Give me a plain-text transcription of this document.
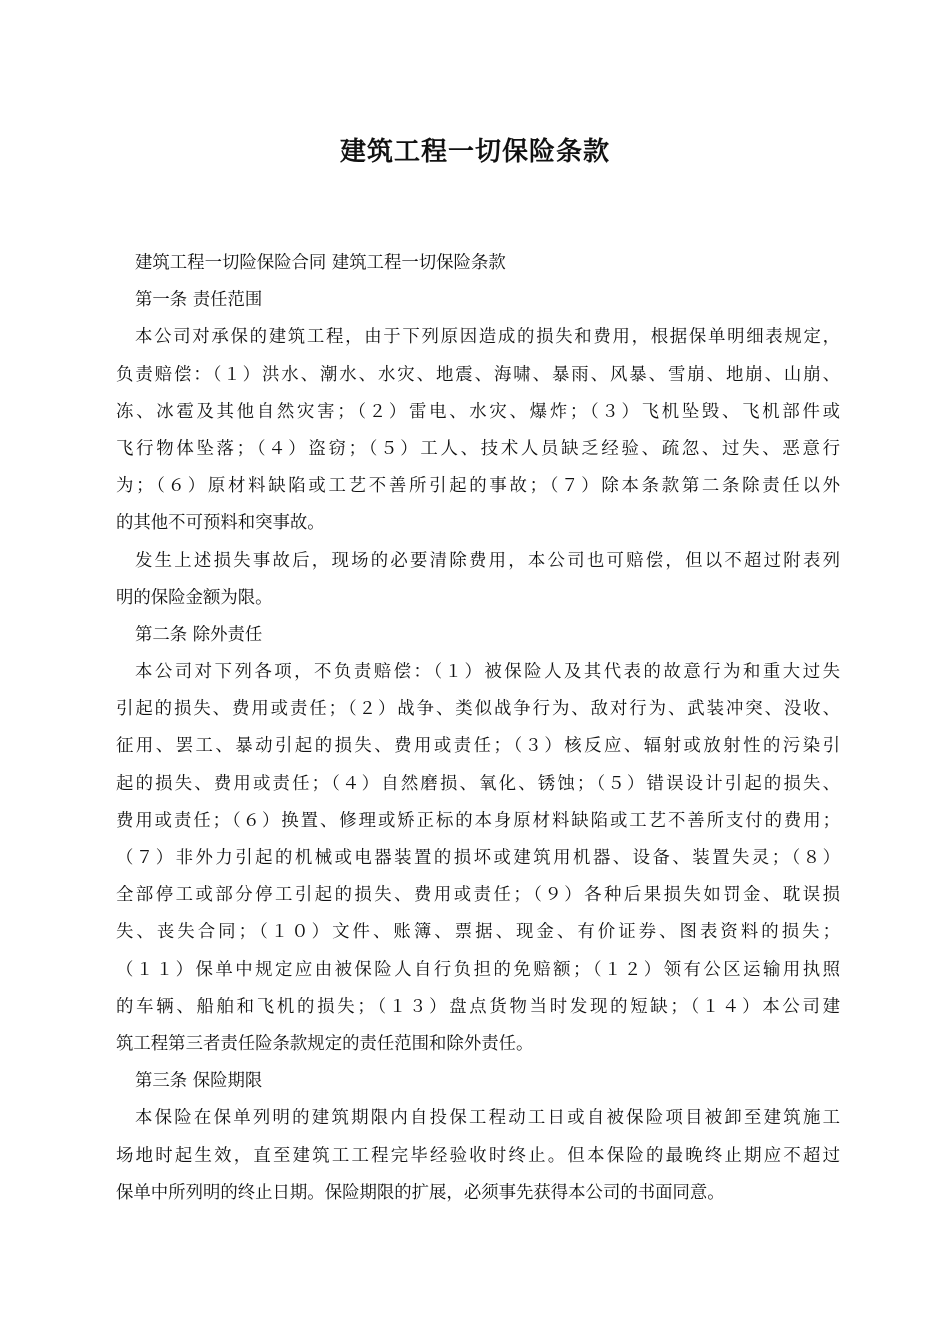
建筑工程一切保险条款
建筑工程一切险保险合同 建筑工程一切保险条款
第一条 责任范围
本公司对承保的建筑工程，由于下列原因造成的损失和费用，根据保单明细表规定，
负责赔偿：（１）洪水、潮水、水灾、地震、海啸、暴雨、风暴、雪崩、地崩、山崩、
冻、冰雹及其他自然灾害；（２）雷电、水灾、爆炸；（３）飞机坠毁、飞机部件或
飞行物体坠落；（４）盗窃；（５）工人、技术人员缺乏经验、疏忽、过失、恶意行
为；（６）原材料缺陷或工艺不善所引起的事故；（７）除本条款第二条除责任以外
的其他不可预料和突事故。
发生上述损失事故后，现场的必要清除费用，本公司也可赔偿，但以不超过附表列
明的保险金额为限。
第二条 除外责任
本公司对下列各项，不负责赔偿：（１）被保险人及其代表的故意行为和重大过失
引起的损失、费用或责任；（２）战争、类似战争行为、敌对行为、武装冲突、没收、
征用、罢工、暴动引起的损失、费用或责任；（３）核反应、辐射或放射性的污染引
起的损失、费用或责任；（４）自然磨损、氧化、锈蚀；（５）错误设计引起的损失、
费用或责任；（６）换置、修理或矫正标的本身原材料缺陷或工艺不善所支付的费用；
（７）非外力引起的机械或电器装置的损坏或建筑用机器、设备、装置失灵；（８）
全部停工或部分停工引起的损失、费用或责任；（９）各种后果损失如罚金、耽误损
失、丧失合同；（１０）文件、账簿、票据、现金、有价证券、图表资料的损失；
（１１）保单中规定应由被保险人自行负担的免赔额；（１２）领有公区运输用执照
的车辆、船舶和飞机的损失；（１３）盘点货物当时发现的短缺；（１４）本公司建
筑工程第三者责任险条款规定的责任范围和除外责任。
第三条 保险期限
本保险在保单列明的建筑期限内自投保工程动工日或自被保险项目被卸至建筑施工
场地时起生效，直至建筑工工程完毕经验收时终止。但本保险的最晚终止期应不超过
保单中所列明的终止日期。保险期限的扩展，必须事先获得本公司的书面同意。
